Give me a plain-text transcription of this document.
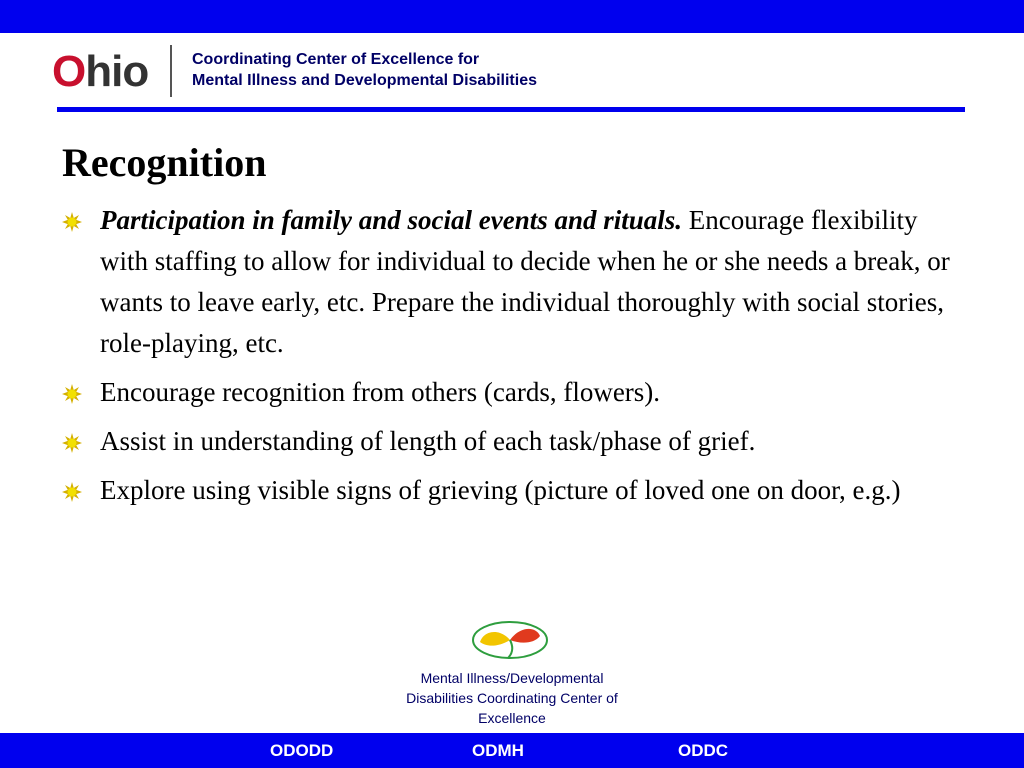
Ohio	Coordinating Center of Excellence for
Mental Illness and Developmental Disabilities
Recognition
Participation in family and social events and rituals. Encourage flexibility with staffing to allow for individual to decide when he or she needs a break, or wants to leave early, etc. Prepare the individual thoroughly with social stories, role-playing, etc.
Encourage recognition from others (cards, flowers).
Assist in understanding of length of each task/phase of grief.
Explore using visible signs of grieving (picture of loved one on door, e.g.)
Mental Illness/Developmental
Disabilities Coordinating Center of
Excellence
ODODD	ODMH	ODDC
